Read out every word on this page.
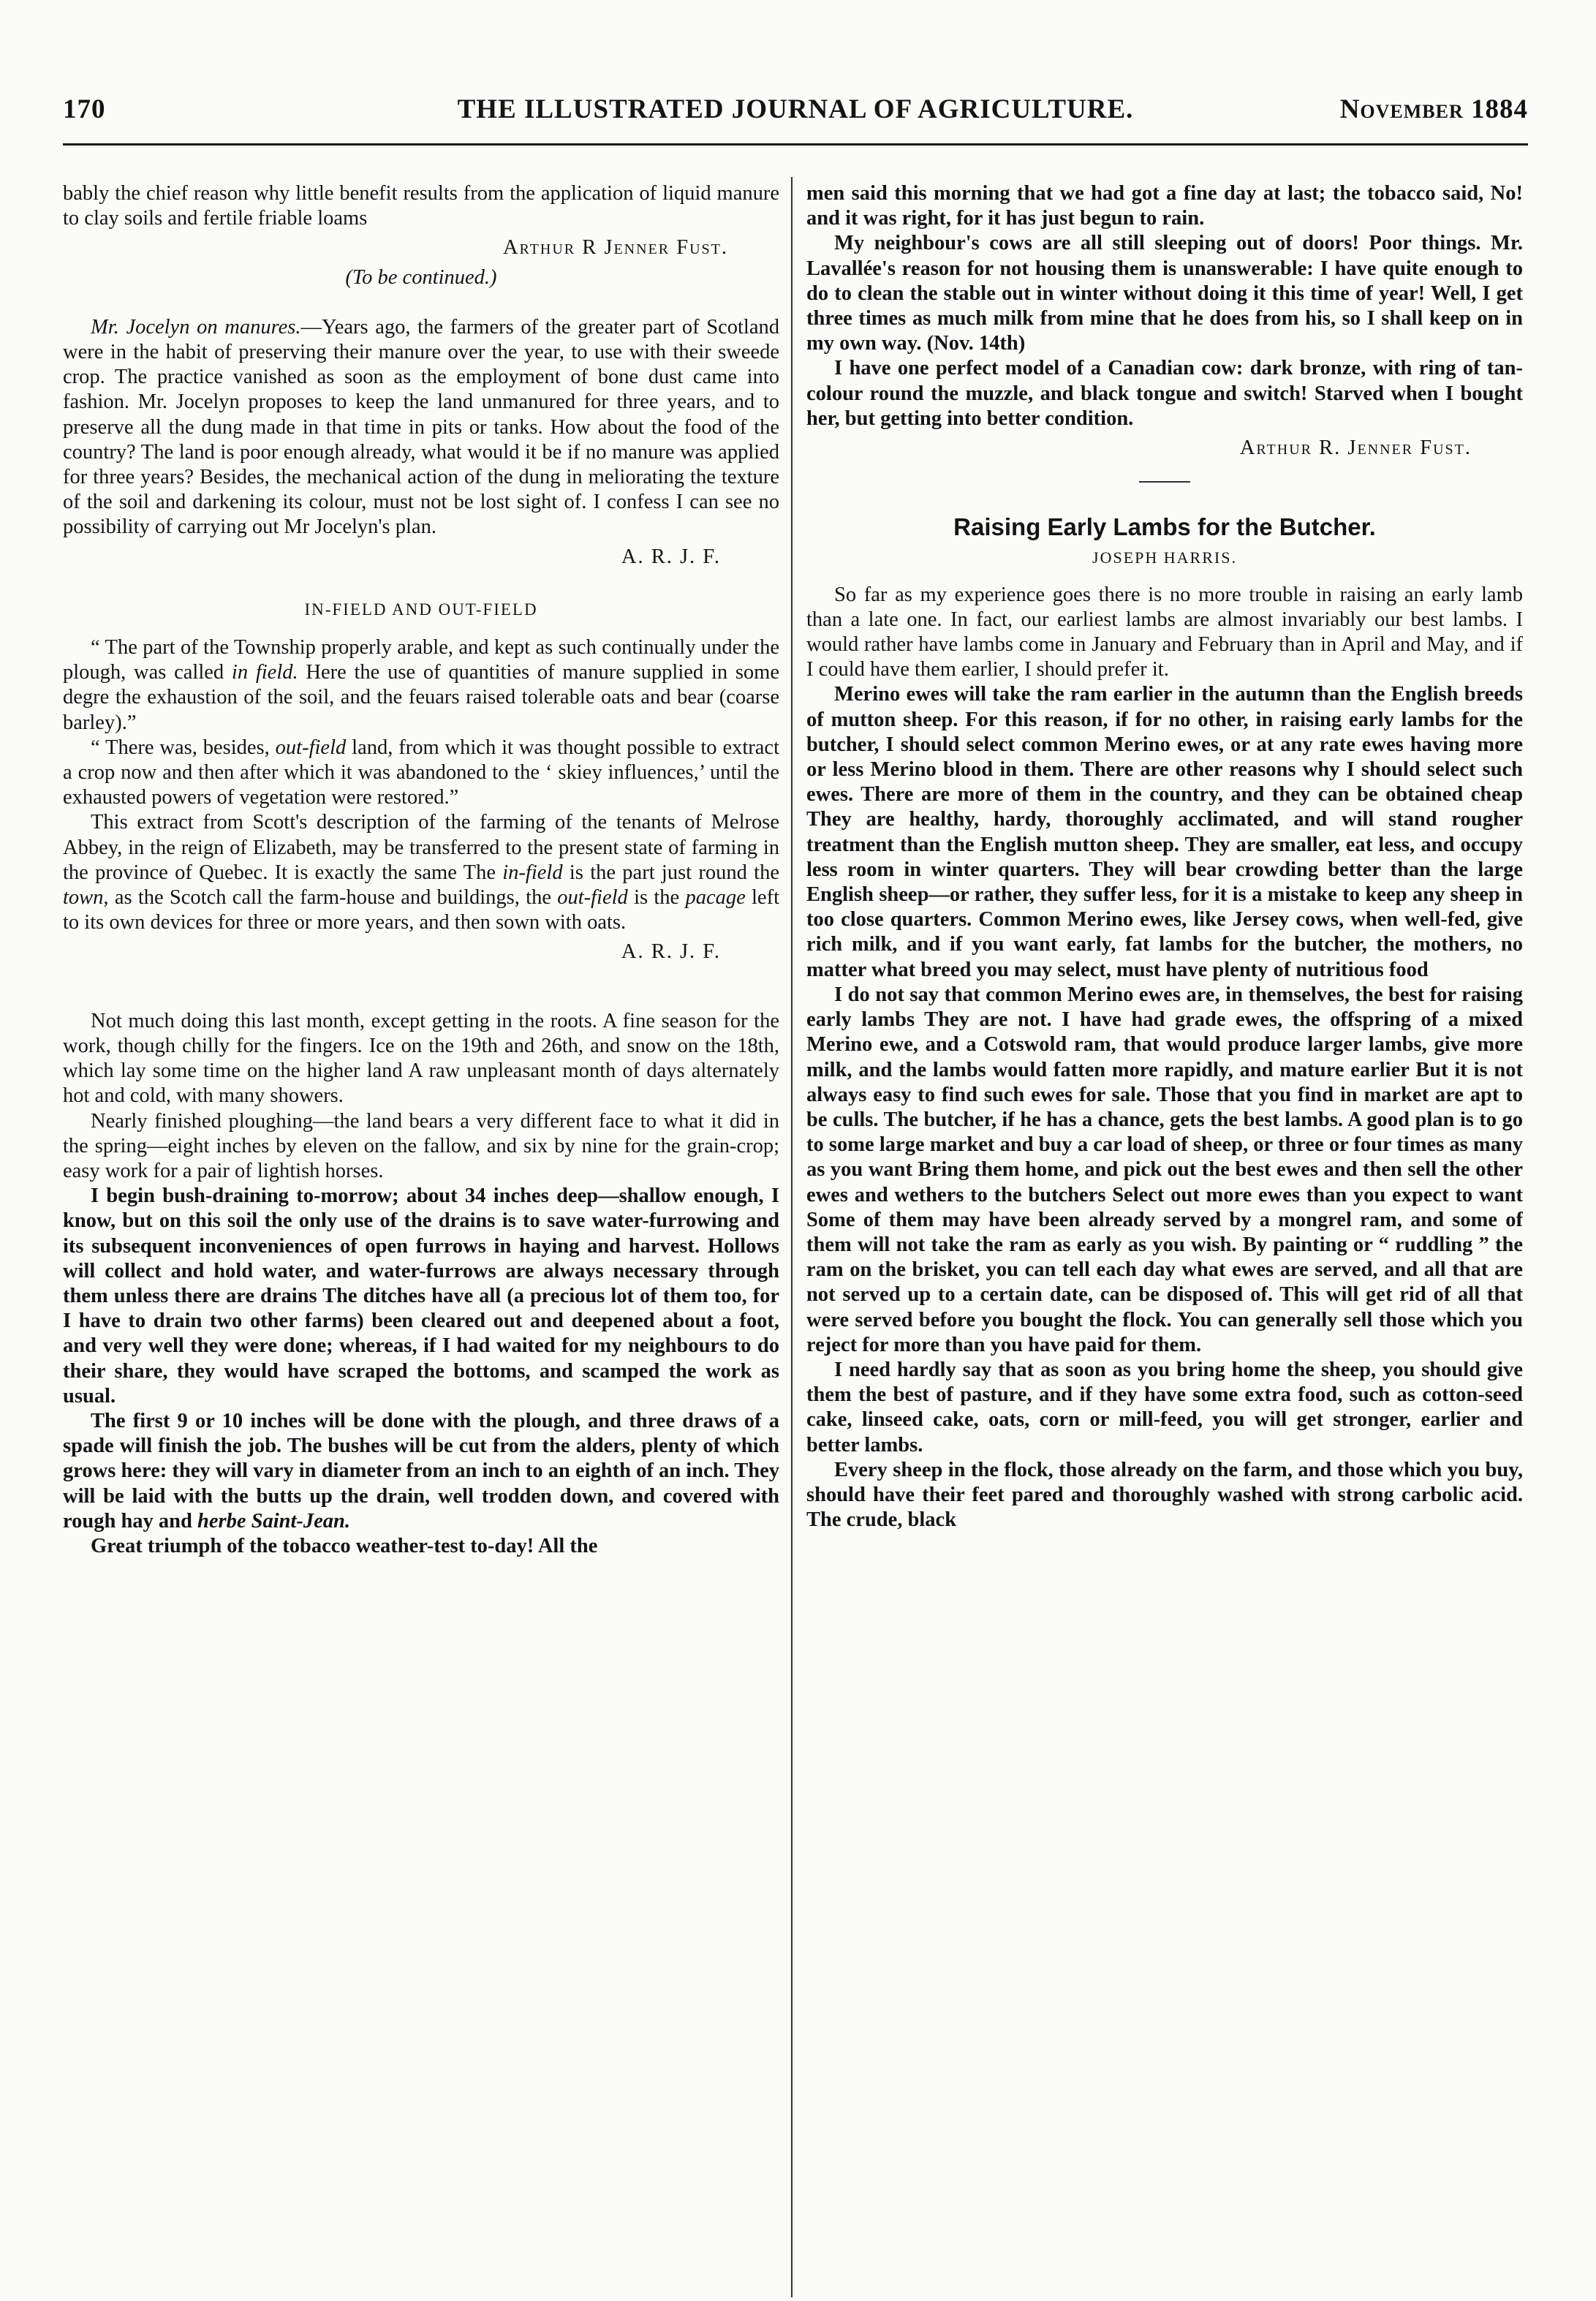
170	THE ILLUSTRATED JOURNAL OF AGRICULTURE.	November 1884

bably the chief reason why little benefit results from the application of liquid manure to clay soils and fertile friable loams

Arthur R Jenner Fust.

(To be continued.)

Mr. Jocelyn on manures.—Years ago, the farmers of the greater part of Scotland were in the habit of preserving their manure over the year, to use with their sweede crop. The practice vanished as soon as the employment of bone dust came into fashion. Mr. Jocelyn proposes to keep the land unmanured for three years, and to preserve all the dung made in that time in pits or tanks. How about the food of the country? The land is poor enough already, what would it be if no manure was applied for three years? Besides, the mechanical action of the dung in meliorating the texture of the soil and darkening its colour, must not be lost sight of. I confess I can see no possibility of carrying out Mr Jocelyn's plan.

A. R. J. F.

IN-FIELD AND OUT-FIELD

“ The part of the Township properly arable, and kept as such continually under the plough, was called in field. Here the use of quantities of manure supplied in some degre the exhaustion of the soil, and the feuars raised tolerable oats and bear (coarse barley).”

“ There was, besides, out-field land, from which it was thought possible to extract a crop now and then after which it was abandoned to the ‘ skiey influences,’ until the exhausted powers of vegetation were restored.”

This extract from Scott's description of the farming of the tenants of Melrose Abbey, in the reign of Elizabeth, may be transferred to the present state of farming in the province of Quebec. It is exactly the same The in-field is the part just round the town, as the Scotch call the farm-house and buildings, the out-field is the pacage left to its own devices for three or more years, and then sown with oats.

A. R. J. F.

Not much doing this last month, except getting in the roots. A fine season for the work, though chilly for the fingers. Ice on the 19th and 26th, and snow on the 18th, which lay some time on the higher land A raw unpleasant month of days alternately hot and cold, with many showers.

Nearly finished ploughing—the land bears a very different face to what it did in the spring—eight inches by eleven on the fallow, and six by nine for the grain-crop; easy work for a pair of lightish horses.

I begin bush-draining to-morrow; about 34 inches deep—shallow enough, I know, but on this soil the only use of the drains is to save water-furrowing and its subsequent inconveniences of open furrows in haying and harvest. Hollows will collect and hold water, and water-furrows are always necessary through them unless there are drains The ditches have all (a precious lot of them too, for I have to drain two other farms) been cleared out and deepened about a foot, and very well they were done; whereas, if I had waited for my neighbours to do their share, they would have scraped the bottoms, and scamped the work as usual.

The first 9 or 10 inches will be done with the plough, and three draws of a spade will finish the job. The bushes will be cut from the alders, plenty of which grows here: they will vary in diameter from an inch to an eighth of an inch. They will be laid with the butts up the drain, well trodden down, and covered with rough hay and herbe Saint-Jean.

Great triumph of the tobacco weather-test to-day! All the

men said this morning that we had got a fine day at last; the tobacco said, No! and it was right, for it has just begun to rain.

My neighbour's cows are all still sleeping out of doors! Poor things. Mr. Lavallée's reason for not housing them is unanswerable: I have quite enough to do to clean the stable out in winter without doing it this time of year! Well, I get three times as much milk from mine that he does from his, so I shall keep on in my own way. (Nov. 14th)

I have one perfect model of a Canadian cow: dark bronze, with ring of tan-colour round the muzzle, and black tongue and switch! Starved when I bought her, but getting into better condition.

Arthur R. Jenner Fust.

Raising Early Lambs for the Butcher.

JOSEPH HARRIS.

So far as my experience goes there is no more trouble in raising an early lamb than a late one. In fact, our earliest lambs are almost invariably our best lambs. I would rather have lambs come in January and February than in April and May, and if I could have them earlier, I should prefer it.

Merino ewes will take the ram earlier in the autumn than the English breeds of mutton sheep. For this reason, if for no other, in raising early lambs for the butcher, I should select common Merino ewes, or at any rate ewes having more or less Merino blood in them. There are other reasons why I should select such ewes. There are more of them in the country, and they can be obtained cheap They are healthy, hardy, thoroughly acclimated, and will stand rougher treatment than the English mutton sheep. They are smaller, eat less, and occupy less room in winter quarters. They will bear crowding better than the large English sheep—or rather, they suffer less, for it is a mistake to keep any sheep in too close quarters. Common Merino ewes, like Jersey cows, when well-fed, give rich milk, and if you want early, fat lambs for the butcher, the mothers, no matter what breed you may select, must have plenty of nutritious food

I do not say that common Merino ewes are, in themselves, the best for raising early lambs They are not. I have had grade ewes, the offspring of a mixed Merino ewe, and a Cotswold ram, that would produce larger lambs, give more milk, and the lambs would fatten more rapidly, and mature earlier But it is not always easy to find such ewes for sale. Those that you find in market are apt to be culls. The butcher, if he has a chance, gets the best lambs. A good plan is to go to some large market and buy a car load of sheep, or three or four times as many as you want Bring them home, and pick out the best ewes and then sell the other ewes and wethers to the butchers Select out more ewes than you expect to want Some of them may have been already served by a mongrel ram, and some of them will not take the ram as early as you wish. By painting or “ ruddling ” the ram on the brisket, you can tell each day what ewes are served, and all that are not served up to a certain date, can be disposed of. This will get rid of all that were served before you bought the flock. You can generally sell those which you reject for more than you have paid for them.

I need hardly say that as soon as you bring home the sheep, you should give them the best of pasture, and if they have some extra food, such as cotton-seed cake, linseed cake, oats, corn or mill-feed, you will get stronger, earlier and better lambs.

Every sheep in the flock, those already on the farm, and those which you buy, should have their feet pared and thoroughly washed with strong carbolic acid. The crude, black
